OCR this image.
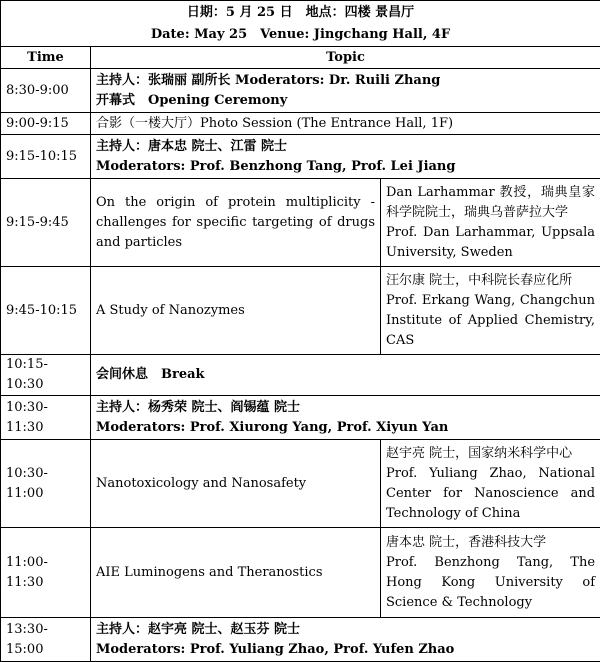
日期：5 月 25 日　地点：四楼 景昌厅
Date: May 25　Venue: Jingchang Hall, 4F		

Time	Topic	
8:30-9:00	主持人：张瑞丽 副所长 Moderators: Dr. Ruili Zhang
开幕式　Opening Ceremony	

9:00-9:15	合影（一楼大厅）Photo Session (The Entrance Hall, 1F)	
9:15-10:15	主持人：唐本忠 院士、江雷 院士
Moderators: Prof. Benzhong Tang, Prof. Lei Jiang	

9:15-9:45	On the origin of protein multiplicity - challenges for specific targeting of drugs and particles	Dan Larhammar 教授，瑞典皇家科学院院士，瑞典乌普萨拉大学
Prof. Dan Larhammar, Uppsala University, Sweden

9:45-10:15	A Study of Nanozymes	汪尔康 院士，中科院长春应化所
Prof. Erkang Wang, Changchun Institute of Applied Chemistry, CAS

10:15-10:30	会间休息　Break	
10:30-11:30	主持人：杨秀荣 院士、阎锡蕴 院士
Moderators: Prof. Xiurong Yang, Prof. Xiyun Yan	

10:30-11:00	Nanotoxicology and Nanosafety	赵宇亮 院士，国家纳米科学中心
Prof. Yuliang Zhao, National Center for Nanoscience and Technology of China

11:00-11:30	AIE Luminogens and Theranostics	唐本忠 院士，香港科技大学
Prof. Benzhong Tang, The Hong Kong University of Science & Technology

13:30-15:00	主持人：赵宇亮 院士、赵玉芬 院士
Moderators: Prof. Yuliang Zhao, Prof. Yufen Zhao	
